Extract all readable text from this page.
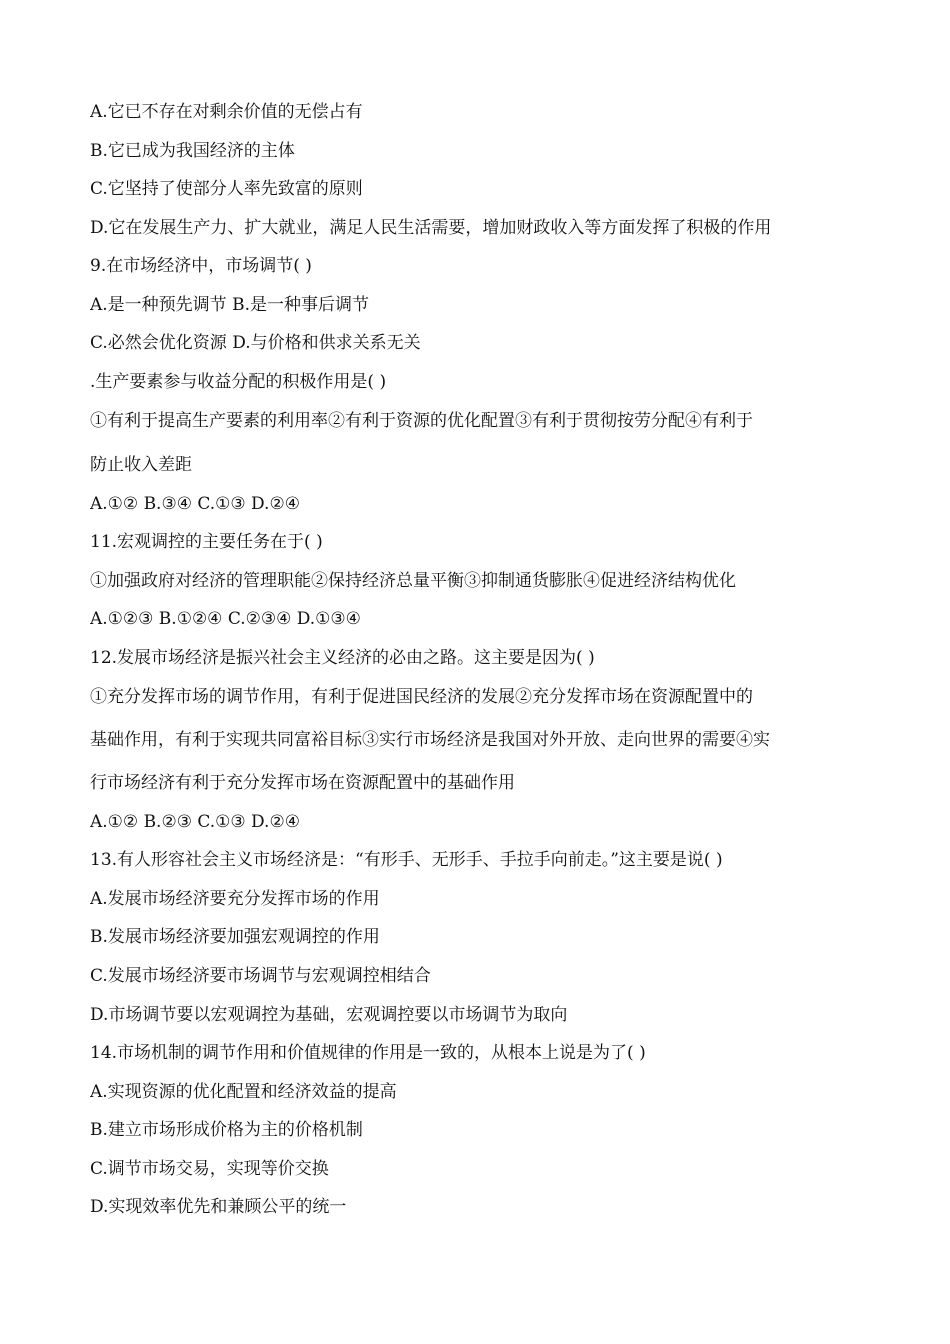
A.它已不存在对剩余价值的无偿占有
B.它已成为我国经济的主体
C.它坚持了使部分人率先致富的原则
D.它在发展生产力、扩大就业，满足人民生活需要，增加财政收入等方面发挥了积极的作用
9.在市场经济中，市场调节( )
A.是一种预先调节 B.是一种事后调节
C.必然会优化资源 D.与价格和供求关系无关
.生产要素参与收益分配的积极作用是( )
①有利于提高生产要素的利用率②有利于资源的优化配置③有利于贯彻按劳分配④有利于
防止收入差距
A.①② B.③④ C.①③ D.②④
11.宏观调控的主要任务在于( )
①加强政府对经济的管理职能②保持经济总量平衡③抑制通货膨胀④促进经济结构优化
A.①②③ B.①②④ C.②③④ D.①③④
12.发展市场经济是振兴社会主义经济的必由之路。这主要是因为( )
①充分发挥市场的调节作用，有利于促进国民经济的发展②充分发挥市场在资源配置中的
基础作用，有利于实现共同富裕目标③实行市场经济是我国对外开放、走向世界的需要④实
行市场经济有利于充分发挥市场在资源配置中的基础作用
A.①② B.②③ C.①③ D.②④
13.有人形容社会主义市场经济是：“有形手、无形手、手拉手向前走。”这主要是说( )
A.发展市场经济要充分发挥市场的作用
B.发展市场经济要加强宏观调控的作用
C.发展市场经济要市场调节与宏观调控相结合
D.市场调节要以宏观调控为基础，宏观调控要以市场调节为取向
14.市场机制的调节作用和价值规律的作用是一致的，从根本上说是为了( )
A.实现资源的优化配置和经济效益的提高
B.建立市场形成价格为主的价格机制
C.调节市场交易，实现等价交换
D.实现效率优先和兼顾公平的统一
